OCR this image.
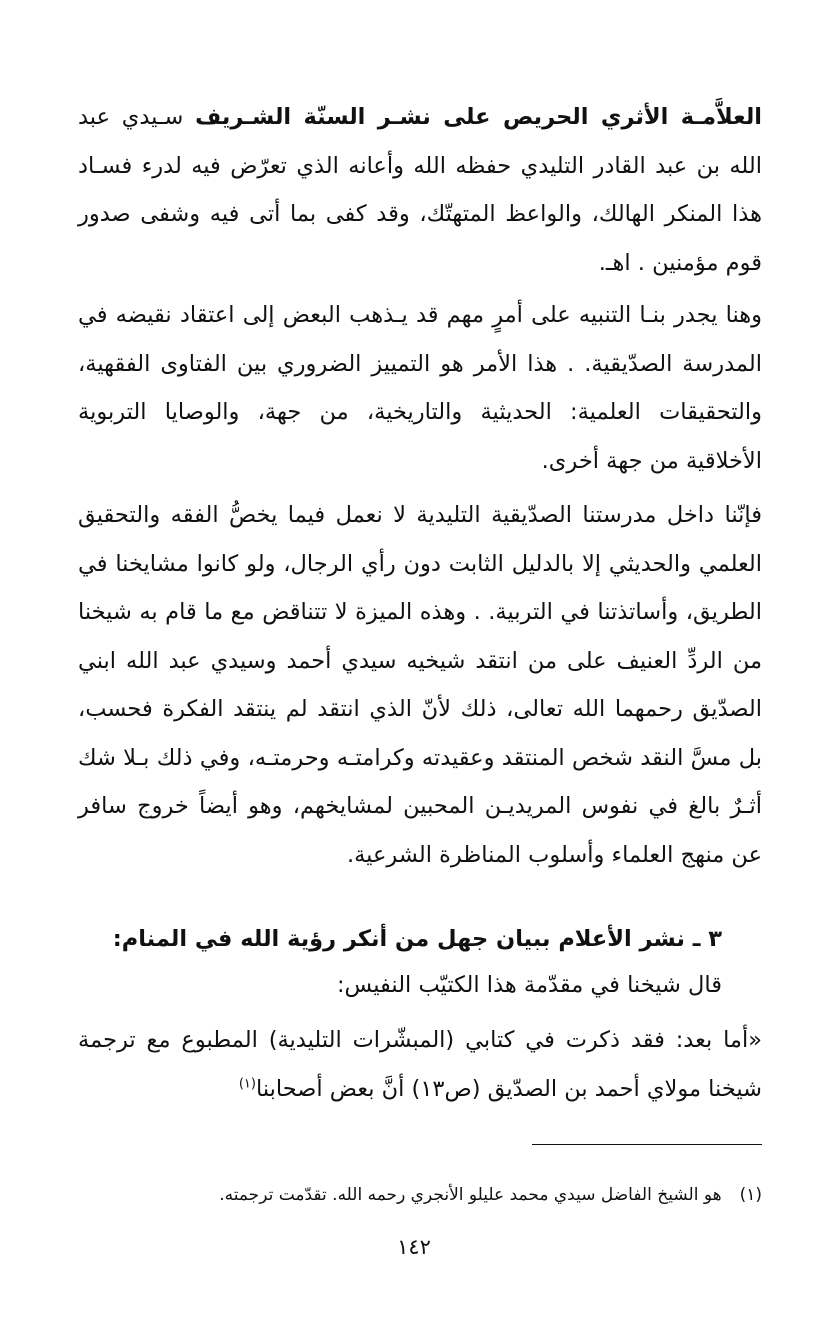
العلاَّمـة الأثري الحريص على نشـر السنّة الشـريف سـيدي عبد الله بن عبد القادر التليدي حفظه الله وأعانه الذي تعرّض فيه لدرء فسـاد هذا المنكر الهالك، والواعظ المتهتّك، وقد كفى بما أتى فيه وشفى صدور قوم مؤمنين . اهـ.

وهنا يجدر بنـا التنبيه على أمرٍ مهم قد يـذهب البعض إلى اعتقاد نقيضه في المدرسة الصدّيقية. . هذا الأمر هو التمييز الضروري بين الفتاوى الفقهية، والتحقيقات العلمية: الحديثية والتاريخية، من جهة، والوصايا التربوية الأخلاقية من جهة أخرى.

فإنّنا داخل مدرستنا الصدّيقية التليدية لا نعمل فيما يخصُّ الفقه والتحقيق العلمي والحديثي إلا بالدليل الثابت دون رأي الرجال، ولو كانوا مشايخنا في الطريق، وأساتذتنا في التربية. . وهذه الميزة لا تتناقض مع ما قام به شيخنا من الردِّ العنيف على من انتقد شيخيه سيدي أحمد وسيدي عبد الله ابني الصدّيق رحمهما الله تعالى، ذلك لأنّ الذي انتقد لم ينتقد الفكرة فحسب، بل مسَّ النقد شخص المنتقد وعقيدته وكرامتـه وحرمتـه، وفي ذلك بـلا شك أثـرٌ بالغ في نفوس المريديـن المحبين لمشايخهم، وهو أيضاً خروج سافر عن منهج العلماء وأسلوب المناظرة الشرعية.

٣ ـ نشر الأعلام ببيان جهل من أنكر رؤية الله في المنام:
قال شيخنا في مقدّمة هذا الكتيّب النفيس:

«أما بعد: فقد ذكرت في كتابي (المبشّرات التليدية) المطبوع مع ترجمة شيخنا مولاي أحمد بن الصدّيق (ص١٣) أنَّ بعض أصحابنا$^{(١)}$

(١)هو الشيخ الفاضل سيدي محمد عليلو الأنجري رحمه الله. تقدّمت ترجمته.

١٤٢
